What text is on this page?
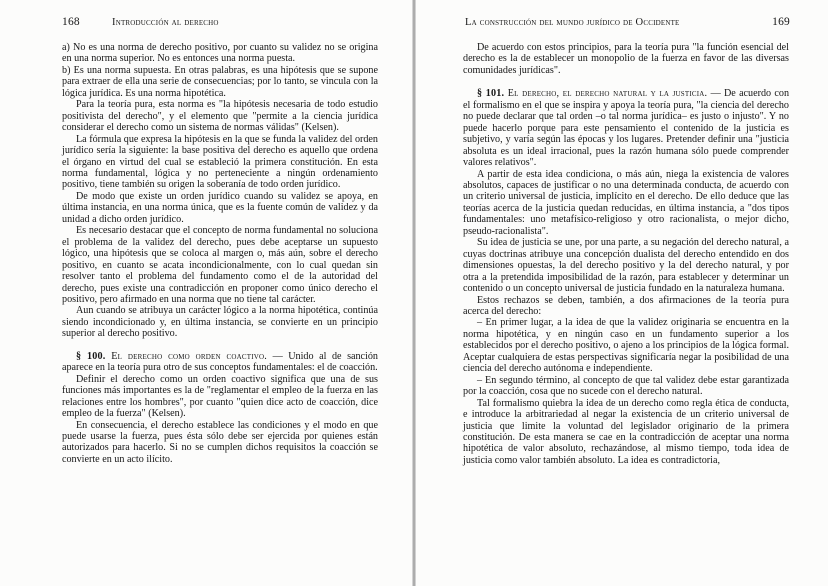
168	Introducción al derecho

a) No es una norma de derecho positivo, por cuanto su validez no se origina en una norma superior. No es entonces una norma puesta.

b) Es una norma supuesta. En otras palabras, es una hipótesis que se supone para extraer de ella una serie de consecuencias; por lo tanto, se vincula con la lógica jurídica. Es una norma hipotética.

Para la teoría pura, esta norma es "la hipótesis necesaria de todo estudio positivista del derecho", y el elemento que "permite a la ciencia jurídica considerar el derecho como un sistema de normas válidas" (Kelsen).

La fórmula que expresa la hipótesis en la que se funda la validez del orden jurídico sería la siguiente: la base positiva del derecho es aquello que ordena el órgano en virtud del cual se estableció la primera constitución. En esta norma fundamental, lógica y no perteneciente a ningún ordenamiento positivo, tiene también su origen la soberanía de todo orden jurídico.

De modo que existe un orden jurídico cuando su validez se apoya, en última instancia, en una norma única, que es la fuente común de validez y da unidad a dicho orden jurídico.

Es necesario destacar que el concepto de norma fundamental no soluciona el problema de la validez del derecho, pues debe aceptarse un supuesto lógico, una hipótesis que se coloca al margen o, más aún, sobre el derecho positivo, en cuanto se acata incondicionalmente, con lo cual quedan sin resolver tanto el problema del fundamento como el de la autoridad del derecho, pues existe una contradicción en proponer como único derecho el positivo, pero afirmado en una norma que no tiene tal carácter.

Aun cuando se atribuya un carácter lógico a la norma hipotética, continúa siendo incondicionado y, en última instancia, se convierte en un principio superior al derecho positivo.

§ 100. El derecho como orden coactivo. — Unido al de sanción aparece en la teoría pura otro de sus conceptos fundamentales: el de coacción.

Definir el derecho como un orden coactivo significa que una de sus funciones más importantes es la de "reglamentar el empleo de la fuerza en las relaciones entre los hombres", por cuanto "quien dice acto de coacción, dice empleo de la fuerza" (Kelsen).

En consecuencia, el derecho establece las condiciones y el modo en que puede usarse la fuerza, pues ésta sólo debe ser ejercida por quienes están autorizados para hacerlo. Si no se cumplen dichos requisitos la coacción se convierte en un acto ilícito.

La construcción del mundo jurídico de Occidente	169

De acuerdo con estos principios, para la teoría pura "la función esencial del derecho es la de establecer un monopolio de la fuerza en favor de las diversas comunidades jurídicas".

§ 101. El derecho, el derecho natural y la justicia. — De acuerdo con el formalismo en el que se inspira y apoya la teoría pura, "la ciencia del derecho no puede declarar que tal orden –o tal norma jurídica– es justo o injusto". Y no puede hacerlo porque para este pensamiento el contenido de la justicia es subjetivo, y varía según las épocas y los lugares. Pretender definir una "justicia absoluta es un ideal irracional, pues la razón humana sólo puede comprender valores relativos".

A partir de esta idea condiciona, o más aún, niega la existencia de valores absolutos, capaces de justificar o no una determinada conducta, de acuerdo con un criterio universal de justicia, implícito en el derecho. De ello deduce que las teorías acerca de la justicia quedan reducidas, en última instancia, a "dos tipos fundamentales: uno metafísico-religioso y otro racionalista, o mejor dicho, pseudo-racionalista".

Su idea de justicia se une, por una parte, a su negación del derecho natural, a cuyas doctrinas atribuye una concepción dualista del derecho entendido en dos dimensiones opuestas, la del derecho positivo y la del derecho natural, y por otra a la pretendida imposibilidad de la razón, para establecer y determinar un contenido o un concepto universal de justicia fundado en la naturaleza humana.

Estos rechazos se deben, también, a dos afirmaciones de la teoría pura acerca del derecho:

– En primer lugar, a la idea de que la validez originaria se encuentra en la norma hipotética, y en ningún caso en un fundamento superior a los establecidos por el derecho positivo, o ajeno a los principios de la lógica formal. Aceptar cualquiera de estas perspectivas significaría negar la posibilidad de una ciencia del derecho autónoma e independiente.

– En segundo término, al concepto de que tal validez debe estar garantizada por la coacción, cosa que no sucede con el derecho natural.

Tal formalismo quiebra la idea de un derecho como regla ética de conducta, e introduce la arbitrariedad al negar la existencia de un criterio universal de justicia que limite la voluntad del legislador originario de la primera constitución. De esta manera se cae en la contradicción de aceptar una norma hipotética de valor absoluto, rechazándose, al mismo tiempo, toda idea de justicia como valor también absoluto. La idea es contradictoria,
